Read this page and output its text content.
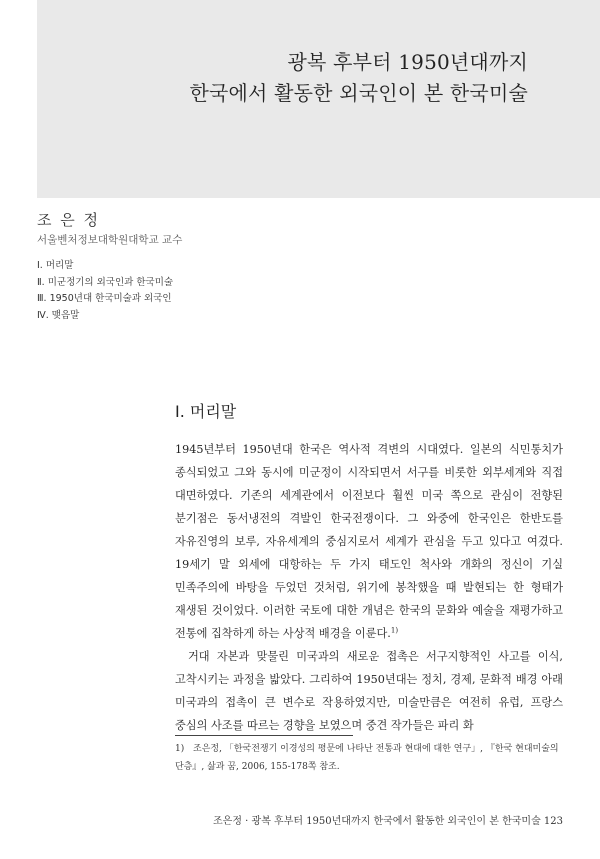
광복 후부터 1950년대까지
한국에서 활동한 외국인이 본 한국미술
조 은 정
서울벤처정보대학원대학교 교수
Ⅰ. 머리말
Ⅱ. 미군정기의 외국인과 한국미술
Ⅲ. 1950년대 한국미술과 외국인
Ⅳ. 맺음말
Ⅰ. 머리말

1945년부터 1950년대 한국은 역사적 격변의 시대였다. 일본의 식민통치가 종식되었고 그와 동시에 미군정이 시작되면서 서구를 비롯한 외부세계와 직접 대면하였다. 기존의 세계관에서 이전보다 훨씬 미국 쪽으로 관심이 전향된 분기점은 동서냉전의 격발인 한국전쟁이다. 그 와중에 한국인은 한반도를 자유진영의 보루, 자유세계의 중심지로서 세계가 관심을 두고 있다고 여겼다. 19세기 말 외세에 대항하는 두 가지 태도인 척사와 개화의 정신이 기실 민족주의에 바탕을 두었던 것처럼, 위기에 봉착했을 때 발현되는 한 형태가 재생된 것이었다. 이러한 국토에 대한 개념은 한국의 문화와 예술을 재평가하고 전통에 집착하게 하는 사상적 배경을 이룬다.$^{1)}$

거대 자본과 맞물린 미국과의 새로운 접촉은 서구지향적인 사고를 이식, 고착시키는 과정을 밟았다. 그리하여 1950년대는 정치, 경제, 문화적 배경 아래 미국과의 접촉이 큰 변수로 작용하였지만, 미술만큼은 여전히 유럽, 프랑스 중심의 사조를 따르는 경향을 보였으며 중견 작가들은 파리 화

1) 조은정, 「한국전쟁기 이경성의 평문에 나타난 전통과 현대에 대한 연구」, 『한국 현대미술의 단층』, 삶과 꿈, 2006, 155-178쪽 참조.
조은정 · 광복 후부터 1950년대까지 한국에서 활동한 외국인이 본 한국미술 123
